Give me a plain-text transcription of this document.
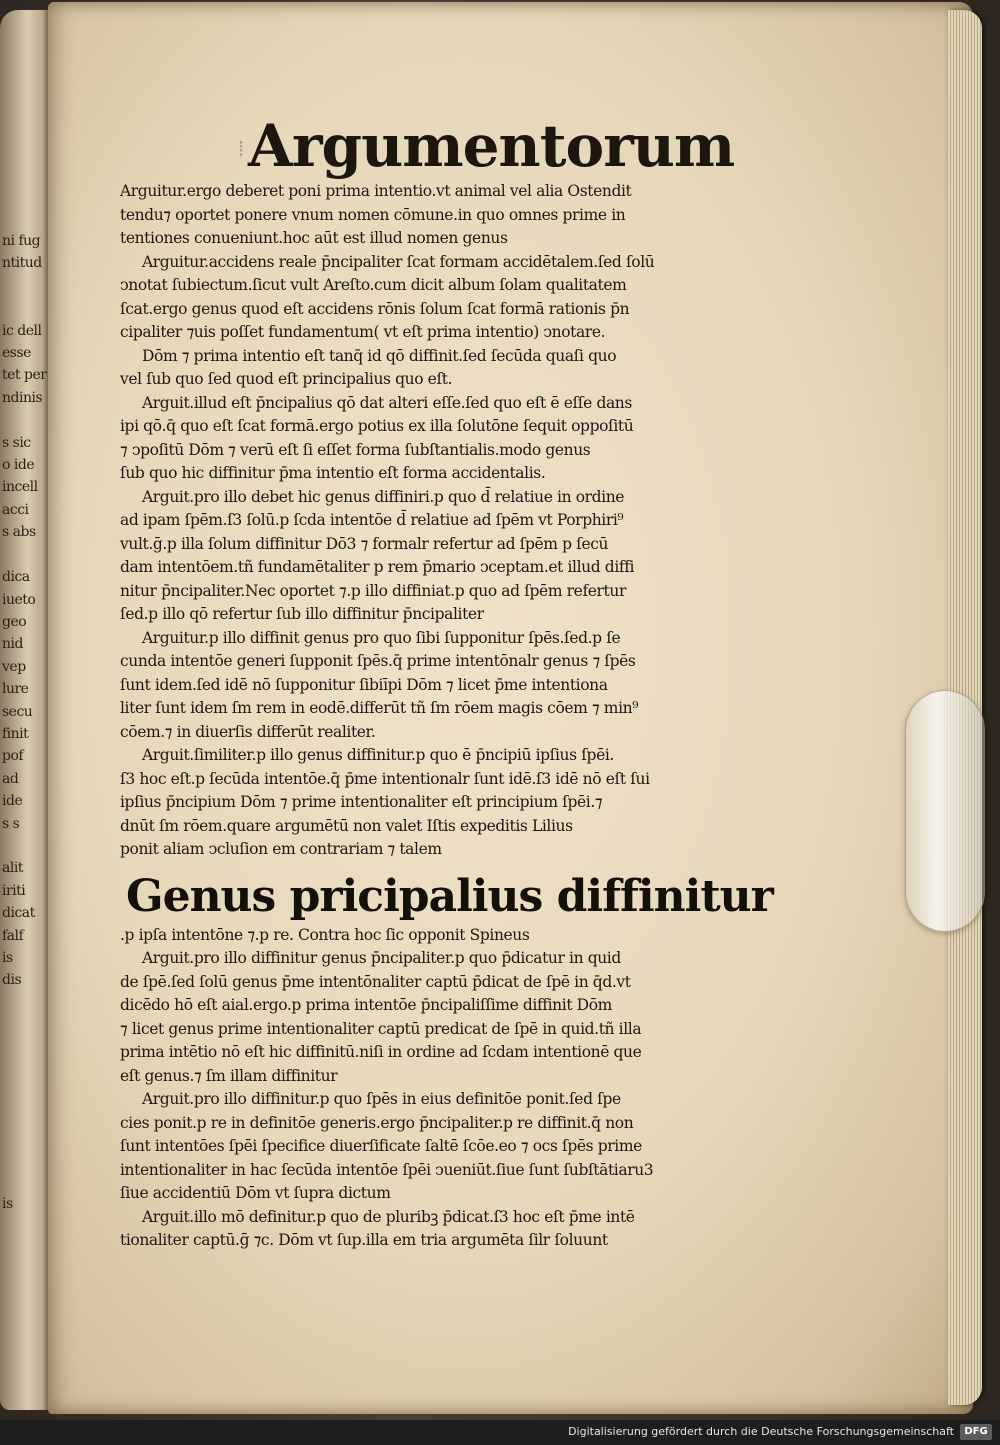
ni fug
ntitud

ic dell
esse
tet per
ndinis

s sic
o ide
incell
acci
s abs

dica
iueto
geo
nid
vep
lure
secu
finit
pof
ad
ide
s s

alit
iriti
dicat
falf
is
dis

is

⁞ Argumentorum
Arguitur.ergo deberet poni prima intentio.vt animal vel alia Ostendit
tendu⁊ oportet ponere vnum nomen cōmune.in quo omnes prime in
tentiones conueniunt.hoc aūt est illud nomen genus
Arguitur.accidens reale p̄ncipaliter ſcat formam accidētalem.ſed ſolū
ↄnotat ſubiectum.ſicut vult Areſto.cum dicit album ſolam qualitatem
ſcat.ergo genus quod eſt accidens rōnis ſolum ſcat formā rationis p̄n
cipaliter ⁊uis poſſet fundamentum( vt eſt prima intentio) ↄnotare.
Dōm ⁊ prima intentio eſt tanq̄ id qō diffinit.ſed ſecūda quaſi quo
vel ſub quo ſed quod eſt principalius quo eſt.
Arguit.illud eſt p̄ncipalius qō dat alteri eſſe.ſed quo eſt ē eſſe dans
ipi qō.q̄ quo eſt ſcat formā.ergo potius ex illa ſolutōne ſequit oppoſitū
⁊ ↄpoſitū Dōm ⁊ verū eſt ſi eſſet forma ſubſtantialis.modo genus
ſub quo hic diffinitur p̄ma intentio eſt forma accidentalis.
Arguit.pro illo debet hic genus diffiniri.p quo d̄ relatiue in ordine
ad ipam ſpēm.ſ3 ſolū.p ſcda intentōe d̄ relatiue ad ſpēm vt Porphiri⁹
vult.ḡ.p illa ſolum diffinitur Dō3 ⁊ formalr refertur ad ſpēm p ſecū
dam intentōem.tñ fundamētaliter p rem p̄mario ↄceptam.et illud diffi
nitur p̄ncipaliter.Nec oportet ⁊.p illo diffiniat.p quo ad ſpēm refertur
ſed.p illo qō refertur ſub illo diffinitur p̄ncipaliter
Arguitur.p illo diffinit genus pro quo ſibi ſupponitur ſpēs.ſed.p ſe
cunda intentōe generi ſupponit ſpēs.q̄ prime intentōnalr genus ⁊ ſpēs
ſunt idem.ſed idē nō ſupponitur ſibiīpi Dōm ⁊ licet p̄me intentiona
liter ſunt idem ſm rem in eodē.differūt tñ ſm rōem magis cōem ⁊ min⁹
cōem.⁊ in diuerſis differūt realiter.
Arguit.ſimiliter.p illo genus diffinitur.p quo ē p̄ncipiū ipſius ſpēi.
ſ3 hoc eſt.p ſecūda intentōe.q̄ p̄me intentionalr ſunt idē.ſ3 idē nō eſt ſui
ipſius p̄ncipium Dōm ⁊ prime intentionaliter eſt principium ſpēi.⁊
dnūt ſm rōem.quare argumētū non valet Iſtis expeditis Lilius
ponit aliam ↄcluſion em contrariam ⁊ talem
Genus pricipalius diffinitur
.p ipſa intentōne ⁊.p re. Contra hoc ſic opponit Spineus
Arguit.pro illo diffinitur genus p̄ncipaliter.p quo p̄dicatur in quid
de ſpē.ſed ſolū genus p̄me intentōnaliter captū p̄dicat de ſpē in q̄d.vt
dicēdo hō eſt aial.ergo.p prima intentōe p̄ncipaliſſime diffinit Dōm
⁊ licet genus prime intentionaliter captū predicat de ſpē in quid.tñ illa
prima intētio nō eſt hic diffinitū.niſi in ordine ad ſcdam intentionē que
eſt genus.⁊ ſm illam diffinitur
Arguit.pro illo diffinitur.p quo ſpēs in eius definitōe ponit.ſed ſpe
cies ponit.p re in definitōe generis.ergo p̄ncipaliter.p re diffinit.q̄ non
ſunt intentōes ſpēi ſpecifice diuerſificate ſaltē ſcōe.eo ⁊ ocs ſpēs prime
intentionaliter in hac ſecūda intentōe ſpēi ↄueniūt.ſiue ſunt ſubſtātiaru3
ſiue accidentiū Dōm vt ſupra dictum
Arguit.illo mō definitur.p quo de pluribꝫ p̄dicat.ſ3 hoc eſt p̄me intē
tionaliter captū.ḡ ⁊c. Dōm vt ſup.illa em tria argumēta ſilr ſoluunt
Digitalisierung gefördert durch die Deutsche Forschungsgemeinschaft	DFG
